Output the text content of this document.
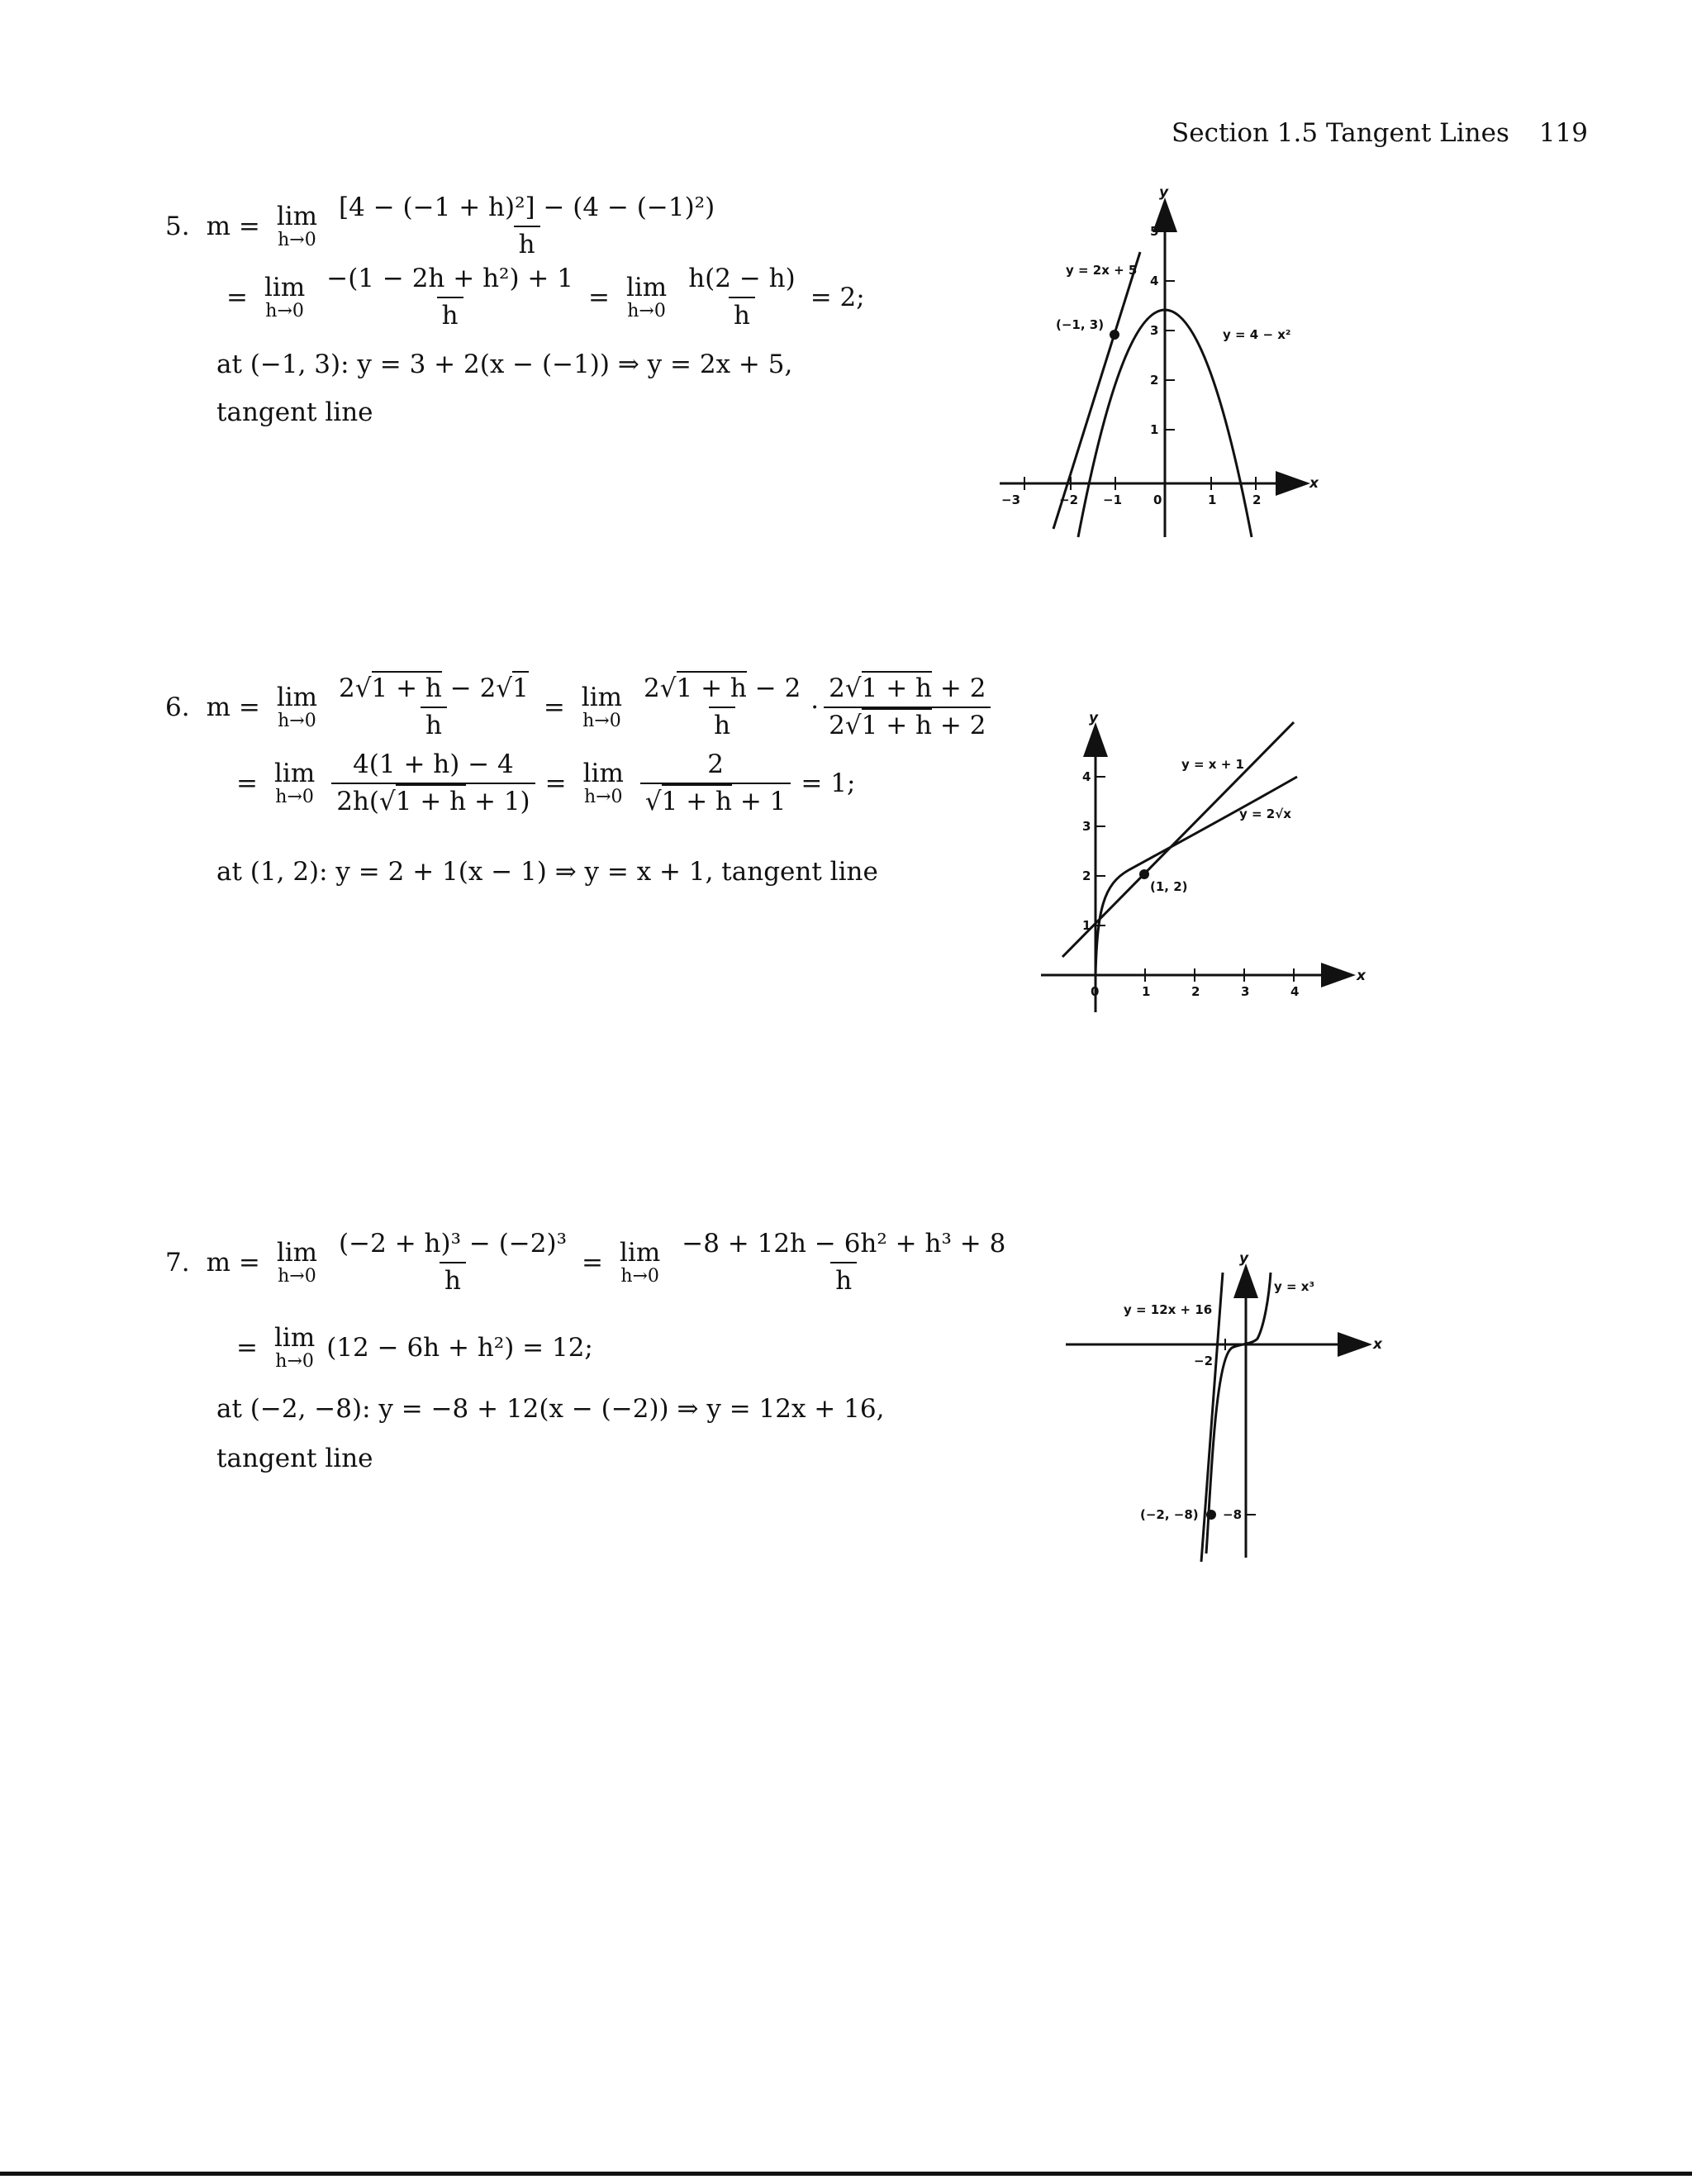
Section 1.5 Tangent Lines 119
5. m = lim
$h\to 0 \frac{\text{[4 − (−1 + h)²] − (4 − (−1)²)}}{h}$
= lim
$h\to 0 \frac{\text{−(1 − 2h + h²) + 1}}{h} = \lim$
$h\to 0 \frac{h(2 - h)}{h} = 2$;
at (−1, 3): y = 3 + 2(x − (−1)) ⇒ y = 2x + 5,
tangent line
6. m = lim
$h\to 0 \frac{2√1 + h - 2√1}{h} = \lim$
$h\to 0 \frac{2√1 + h - 2}{h} \cdot \frac{2√1 + h + 2}{2√1 + h + 2}$
= lim
$h\to 0 \frac{4(1 + h) - 4}{2h(√1 + h + 1)} = \lim$
$h\to 0 \frac{2}{√1 + h + 1} = 1$;
at (1, 2): y = 2 + 1(x − 1) ⇒ y = x + 1, tangent line
7. m = lim
$h\to 0 \frac{\text{(−2 + h)³ − (−2)³}}{h} = \lim$
$h\to 0 \frac{\text{−8 + 12h − 6h² + h³ + 8}}{h}$
= lim
h→0 (12 − 6h + h²) = 12;
at (−2, −8): y = −8 + 12(x − (−2)) ⇒ y = 12x + 16,
tangent line
−3	−2 −1	0	1	2
1
2
3
4
5
x
y
y = 2x + 5
y = 4 − x²
(−1, 3)
0	1	2	3	4
1
2
3
4
x
y
y = x + 1
y = 2√x
(1, 2)
−2
−8
x
y
y = 12x + 16
y = x³
(−2, −8)
